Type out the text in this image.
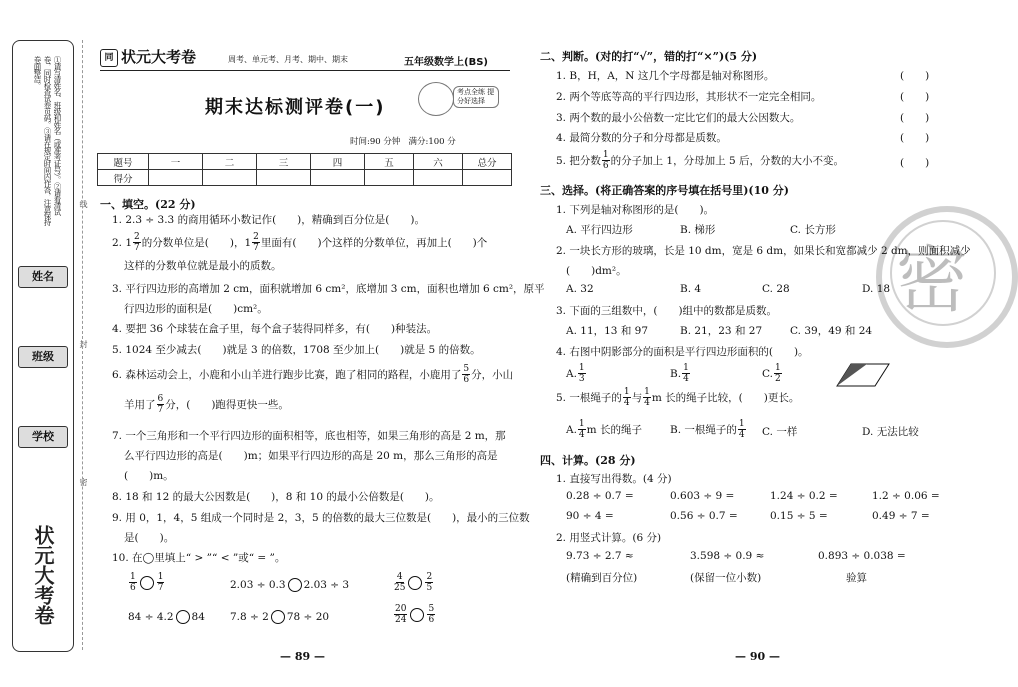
①请写清姓名、班级和姓名（或准考证号）。②请看清试卷，同时检查试卷页码。③请在规定时间内作答，注意保持卷面整洁。
姓名
班级
学校
线
封
密
状元大考卷
同 状元大考卷	周考、单元考、月考、期中、期末	五年级数学上(BS)
期末达标测评卷(一)
考点全练 提分好选择
时间:90 分钟 满分:100 分
题号	一	二	三	四	五	六	总分
得分							
一、填空。(22 分)
1. 2.3 ÷ 3.3 的商用循环小数记作(　　)，精确到百分位是(　　)。
2. $1 \frac{2}{7}$ 的分数单位是(　　)，$1 \frac{2}{7}$ 里面有(　　)个这样的分数单位，再加上(　　)个
这样的分数单位就是最小的质数。
3. 平行四边形的高增加 2 cm，面积就增加 6 cm²，底增加 3 cm，面积也增加 6 cm²，原平
行四边形的面积是(　　)cm²。
4. 要把 36 个球装在盒子里，每个盒子装得同样多，有(　　)种装法。
5. 1024 至少减去(　　)就是 3 的倍数，1708 至少加上(　　)就是 5 的倍数。
6. 森林运动会上，小鹿和小山羊进行跑步比赛，跑了相同的路程，小鹿用了 $\frac{5}{6}$ 分，小山
羊用了 $\frac{6}{7}$ 分，(　　)跑得更快一些。
7. 一个三角形和一个平行四边形的面积相等，底也相等，如果三角形的高是 2 m，那
么平行四边形的高是(　　)m；如果平行四边形的高是 20 m，那么三角形的高是
(　　)m。
8. 18 和 12 的最大公因数是(　　)，8 和 10 的最小公倍数是(　　)。
9. 用 0，1，4，5 组成一个同时是 2，3，5 的倍数的最大三位数是(　　)，最小的三位数
是(　　)。
10. 在◯里填上“ > ”“ < ”或“ = ”。
$\frac{1}{6} \frac{1}{7}$	2.03 ÷ 0.3 2.03 ÷ 3	$\frac{4}{25} \frac{2}{5}$
84 ÷ 4.2 84 7.8 ÷ 2 78 ÷ 20	$\frac{20}{24} \frac{5}{6}$
— 89 —
密
二、判断。(对的打“√”，错的打“×”)(5 分)
1. B，H，A，N 这几个字母都是轴对称图形。	(　　)
2. 两个等底等高的平行四边形，其形状不一定完全相同。	(　　)
3. 两个数的最小公倍数一定比它们的最大公因数大。	(　　)
4. 最简分数的分子和分母都是质数。	(　　)
5. 把分数 $\frac{1}{6}$ 的分子加上 1，分母加上 5 后，分数的大小不变。	(　　)
三、选择。(将正确答案的序号填在括号里)(10 分)
1. 下列是轴对称图形的是(　　)。
A. 平行四边形	B. 梯形	C. 长方形
2. 一块长方形的玻璃，长是 10 dm，宽是 6 dm，如果长和宽都减少 2 dm，则面积减少
(　　)dm²。
A. 32	B. 4	C. 28	D. 18
3. 下面的三组数中，(　　)组中的数都是质数。
A. 11，13 和 97	B. 21，23 和 27	C. 39，49 和 24
4. 右图中阴影部分的面积是平行四边形面积的(　　)。
A. $\frac{1}{3}$	B. $\frac{1}{4}$	C. $\frac{1}{2}$
5. 一根绳子的 $\frac{1}{4}$ 与 $\frac{1}{4}$ m 长的绳子比较，(　　)更长。
A. $\frac{1}{4}$ m 长的绳子	B. 一根绳子的 $\frac{1}{4} C$. 一样	D. 无法比较
四、计算。(28 分)
1. 直接写出得数。(4 分)
0.28 ÷ 0.7 =	0.603 ÷ 9 =	1.24 ÷ 0.2 =	1.2 ÷ 0.06 =
90 ÷ 4 =	0.56 ÷ 0.7 =	0.15 ÷ 5 =	0.49 ÷ 7 =
2. 用竖式计算。(6 分)
9.73 ÷ 2.7 ≈	3.598 ÷ 0.9 ≈	0.893 ÷ 0.038 =
(精确到百分位)	(保留一位小数)	验算
— 90 —
